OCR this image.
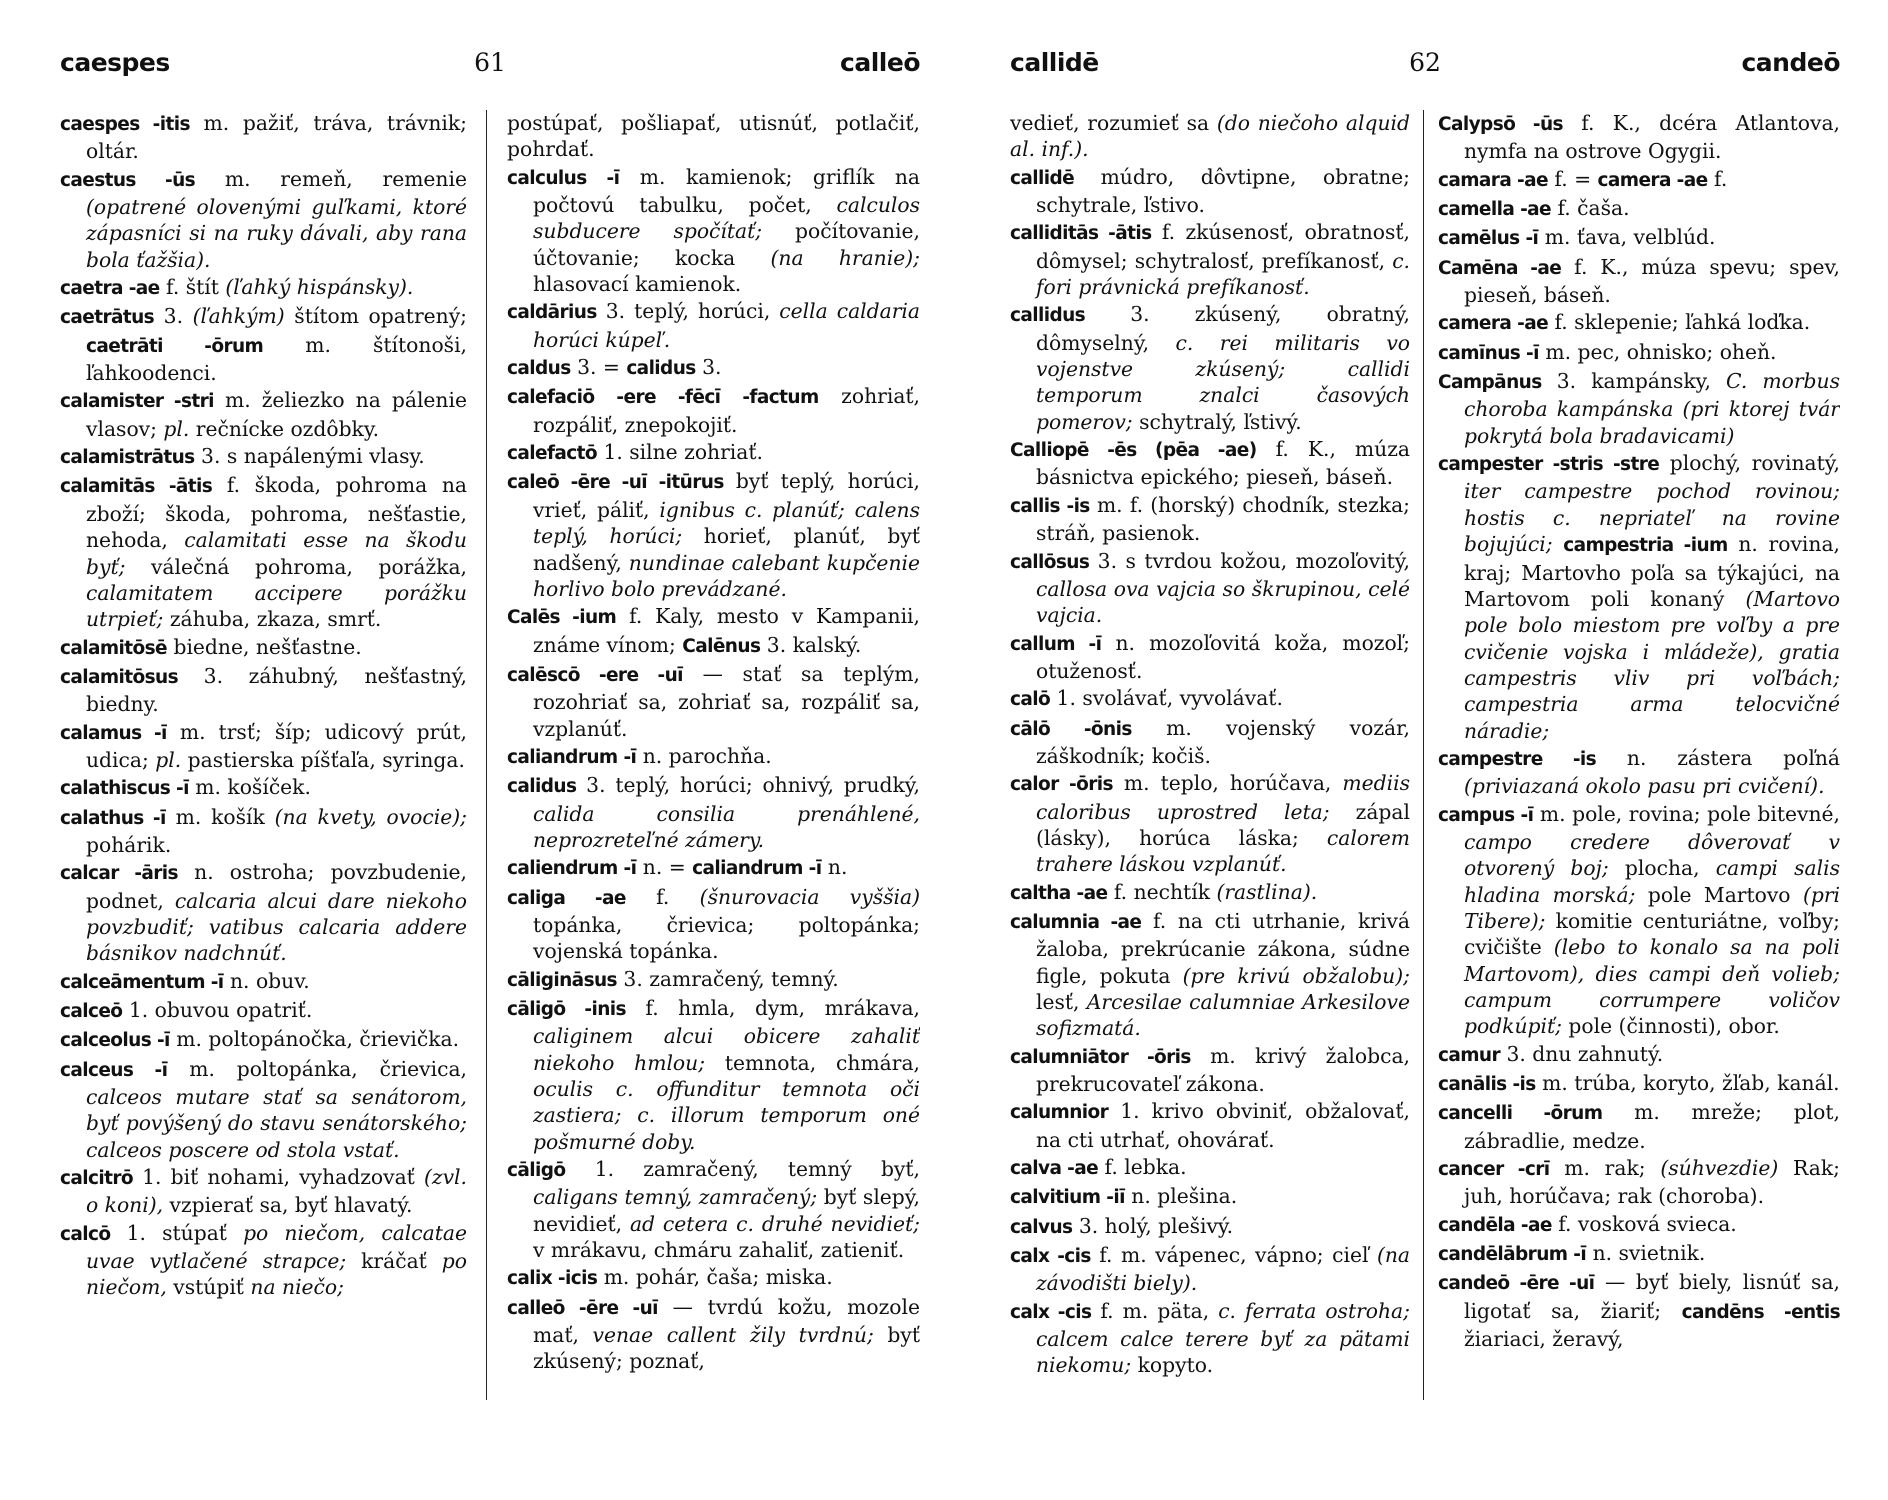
caespes	61	calleō

caespes -itis m. pažiť, tráva, trávnik; oltár.

caestus -ūs m. remeň, remenie (opatrené olovenými guľkami, ktoré zápasníci si na ruky dávali, aby rana bola ťažšia).

caetra -ae f. štít (ľahký hispánsky).

caetrātus 3. (ľahkým) štítom opatrený; caetrāti -ōrum m. štítonoši, ľahkoodenci.

calamister -stri m. želiezko na pálenie vlasov; pl. rečnícke ozdôbky.

calamistrātus 3. s napálenými vlasy.

calamitās -ātis f. škoda, pohroma na zboží; škoda, pohroma, nešťastie, nehoda, calamitati esse na škodu byť; válečná pohroma, porážka, calamitatem accipere porážku utrpieť; záhuba, zkaza, smrť.

calamitōsē biedne, nešťastne.

calamitōsus 3. záhubný, nešťastný, biedny.

calamus -ī m. trsť; šíp; udicový prút, udica; pl. pastierska píšťaľa, syringa.

calathiscus -ī m. košíček.

calathus -ī m. košík (na kvety, ovocie); pohárik.

calcar -āris n. ostroha; povzbudenie, podnet, calcaria alcui dare niekoho povzbudiť; vatibus calcaria addere básnikov nadchnúť.

calceāmentum -ī n. obuv.

calceō 1. obuvou opatriť.

calceolus -ī m. poltopánočka, črievička.

calceus -ī m. poltopánka, črievica, calceos mutare stať sa senátorom, byť povýšený do stavu senátorského; calceos poscere od stola vstať.

calcitrō 1. biť nohami, vyhadzovať (zvl. o koni), vzpierať sa, byť hlavatý.

calcō 1. stúpať po niečom, calcatae uvae vytlačené strapce; kráčať po niečom, vstúpiť na niečo;

postúpať, pošliapať, utisnúť, potlačiť, pohrdať.

calculus -ī m. kamienok; griflík na počtovú tabulku, počet, calculos subducere spočítať; počítovanie, účtovanie; kocka (na hranie); hlasovací kamienok.

caldārius 3. teplý, horúci, cella caldaria horúci kúpeľ.

caldus 3. = calidus 3.

calefaciō -ere -fēcī -factum zohriať, rozpáliť, znepokojiť.

calefactō 1. silne zohriať.

caleō -ēre -uī -itūrus byť teplý, horúci, vrieť, páliť, ignibus c. planúť; calens teplý, horúci; horieť, planúť, byť nadšený, nundinae calebant kupčenie horlivo bolo prevádzané.

Calēs -ium f. Kaly, mesto v Kampanii, známe vínom; Calēnus 3. kalský.

calēscō -ere -uī — stať sa teplým, rozohriať sa, zohriať sa, rozpáliť sa, vzplanúť.

caliandrum -ī n. parochňa.

calidus 3. teplý, horúci; ohnivý, prudký, calida consilia prenáhlené, neprozreteľné zámery.

caliendrum -ī n. = caliandrum -ī n.

caliga -ae f. (šnurovacia vyššia) topánka, črievica; poltopánka; vojenská topánka.

cāligināsus 3. zamračený, temný.

cāligō -inis f. hmla, dym, mrákava, caliginem alcui obicere zahaliť niekoho hmlou; temnota, chmára, oculis c. offunditur temnota oči zastiera; c. illorum temporum oné pošmurné doby.

cāligō 1. zamračený, temný byť, caligans temný, zamračený; byť slepý, nevidieť, ad cetera c. druhé nevidieť; v mrákavu, chmáru zahaliť, zatieniť.

calix -icis m. pohár, čaša; miska.

calleō -ēre -uī — tvrdú kožu, mozole mať, venae callent žily tvrdnú; byť zkúsený; poznať,

callidē	62	candeō

vedieť, rozumieť sa (do niečoho alquid al. inf.).

callidē múdro, dôvtipne, obratne; schytrale, ľstivo.

calliditās -ātis f. zkúsenosť, obratnosť, dômysel; schytralosť, prefíkanosť, c. fori právnická prefíkanosť.

callidus 3. zkúsený, obratný, dômyselný, c. rei militaris vo vojenstve zkúsený; callidi temporum znalci časových pomerov; schytralý, ľstivý.

Calliopē -ēs (pēa -ae) f. K., múza básnictva epického; pieseň, báseň.

callis -is m. f. (horský) chodník, stezka; stráň, pasienok.

callōsus 3. s tvrdou kožou, mozoľovitý, callosa ova vajcia so škrupinou, celé vajcia.

callum -ī n. mozoľovitá koža, mozoľ; otuženosť.

calō 1. svolávať, vyvolávať.

cālō -ōnis m. vojenský vozár, záškodník; kočiš.

calor -ōris m. teplo, horúčava, mediis caloribus uprostred leta; zápal (lásky), horúca láska; calorem trahere láskou vzplanúť.

caltha -ae f. nechtík (rastlina).

calumnia -ae f. na cti utrhanie, krivá žaloba, prekrúcanie zákona, súdne figle, pokuta (pre krivú obžalobu); lesť, Arcesilae calumniae Arkesilove sofizmatá.

calumniātor -ōris m. krivý žalobca, prekrucovateľ zákona.

calumnior 1. krivo obviniť, obžalovať, na cti utrhať, ohovárať.

calva -ae f. lebka.

calvitium -iī n. plešina.

calvus 3. holý, plešivý.

calx -cis f. m. vápenec, vápno; cieľ (na závodišti biely).

calx -cis f. m. päta, c. ferrata ostroha; calcem calce terere byť za pätami niekomu; kopyto.

Calypsō -ūs f. K., dcéra Atlantova, nymfa na ostrove Ogygii.

camara -ae f. = camera -ae f.

camella -ae f. čaša.

camēlus -ī m. ťava, velblúd.

Camēna -ae f. K., múza spevu; spev, pieseň, báseň.

camera -ae f. sklepenie; ľahká loďka.

camīnus -ī m. pec, ohnisko; oheň.

Campānus 3. kampánsky, C. morbus choroba kampánska (pri ktorej tvár pokrytá bola bradavicami)

campester -stris -stre plochý, rovinatý, iter campestre pochod rovinou; hostis c. nepriateľ na rovine bojujúci; campestria -ium n. rovina, kraj; Martovho poľa sa týkajúci, na Martovom poli konaný (Martovo pole bolo miestom pre voľby a pre cvičenie vojska i mládeže), gratia campestris vliv pri voľbách; campestria arma telocvičné náradie;

campestre -is n. zástera poľná (priviazaná okolo pasu pri cvičení).

campus -ī m. pole, rovina; pole bitevné, campo credere dôverovať v otvorený boj; plocha, campi salis hladina morská; pole Martovo (pri Tibere); komitie centuriátne, voľby; cvičište (lebo to konalo sa na poli Martovom), dies campi deň volieb; campum corrumpere voličov podkúpiť; pole (činnosti), obor.

camur 3. dnu zahnutý.

canālis -is m. trúba, koryto, žľab, kanál.

cancelli -ōrum m. mreže; plot, zábradlie, medze.

cancer -crī m. rak; (súhvezdie) Rak; juh, horúčava; rak (choroba).

candēla -ae f. vosková svieca.

candēlābrum -ī n. svietnik.

candeō -ēre -uī — byť biely, lisnúť sa, ligotať sa, žiariť; candēns -entis žiariaci, žeravý,
